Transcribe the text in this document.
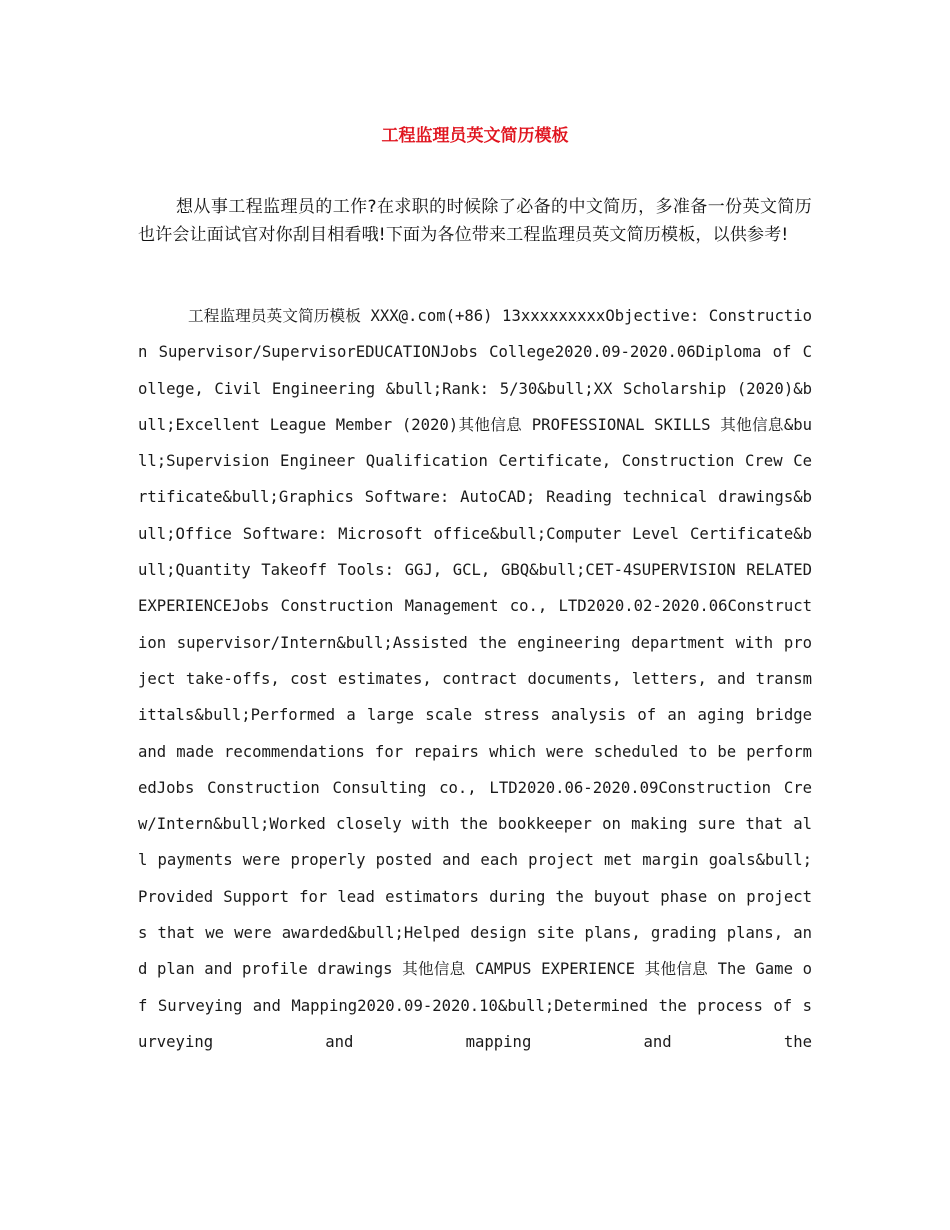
工程监理员英文简历模板

想从事工程监理员的工作?在求职的时候除了必备的中文简历，多准备一份英文简历也许会让面试官对你刮目相看哦!下面为各位带来工程监理员英文简历模板，以供参考!

工程监理员英文简历模板 XXX@.com(+86) 13xxxxxxxxxObjective: Construction Supervisor/SupervisorEDUCATIONJobs College2020.09-2020.06Diploma of College, Civil Engineering &bull;Rank: 5/30&bull;XX Scholarship (2020)&bull;Excellent League Member (2020)其他信息 PROFESSIONAL SKILLS 其他信息&bull;Supervision Engineer Qualification Certificate, Construction Crew Certificate&bull;Graphics Software: AutoCAD; Reading technical drawings&bull;Office Software: Microsoft office&bull;Computer Level Certificate&bull;Quantity Takeoff Tools: GGJ, GCL, GBQ&bull;CET-4SUPERVISION RELATED EXPERIENCEJobs Construction Management co., LTD2020.02-2020.06Construction supervisor/Intern&bull;Assisted the engineering department with project take-offs, cost estimates, contract documents, letters, and transmittals&bull;Performed a large scale stress analysis of an aging bridge and made recommendations for repairs which were scheduled to be performedJobs Construction Consulting co., LTD2020.06-2020.09Construction Crew/Intern&bull;Worked closely with the bookkeeper on making sure that all payments were properly posted and each project met margin goals&bull;Provided Support for lead estimators during the buyout phase on projects that we were awarded&bull;Helped design site plans, grading plans, and plan and profile drawings 其他信息 CAMPUS EXPERIENCE 其他信息 The Game of Surveying and Mapping2020.09-2020.10&bull;Determined the process of surveying and mapping and the
